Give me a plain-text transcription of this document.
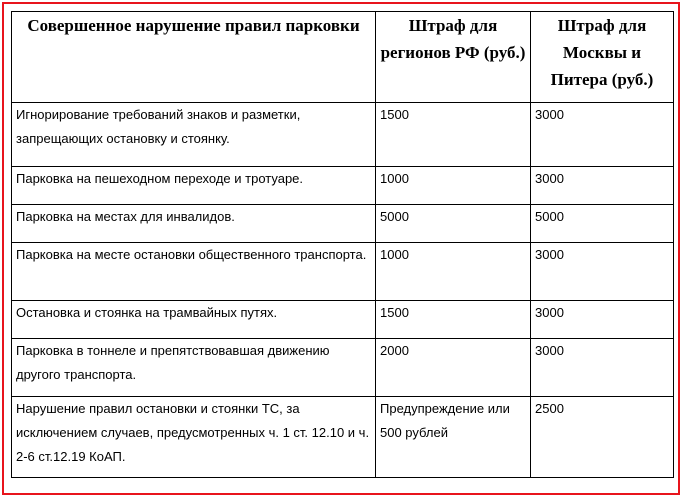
Совершенное нарушение правил парковки	Штраф для регионов РФ (руб.)	Штраф для Москвы и Питера (руб.)
Игнорирование требований знаков и разметки, запрещающих остановку и стоянку.	1500	3000
Парковка на пешеходном переходе и тротуаре.	1000	3000
Парковка на местах для инвалидов.	5000	5000
Парковка на месте остановки общественного транспорта.	1000	3000
Остановка и стоянка на трамвайных путях.	1500	3000
Парковка в тоннеле и препятствовавшая движению другого транспорта.	2000	3000
Нарушение правил остановки и стоянки ТС, за исключением случаев, предусмотренных ч. 1 ст. 12.10 и ч. 2-6 ст.12.19 КоАП.	Предупреждение или 500 рублей	2500
